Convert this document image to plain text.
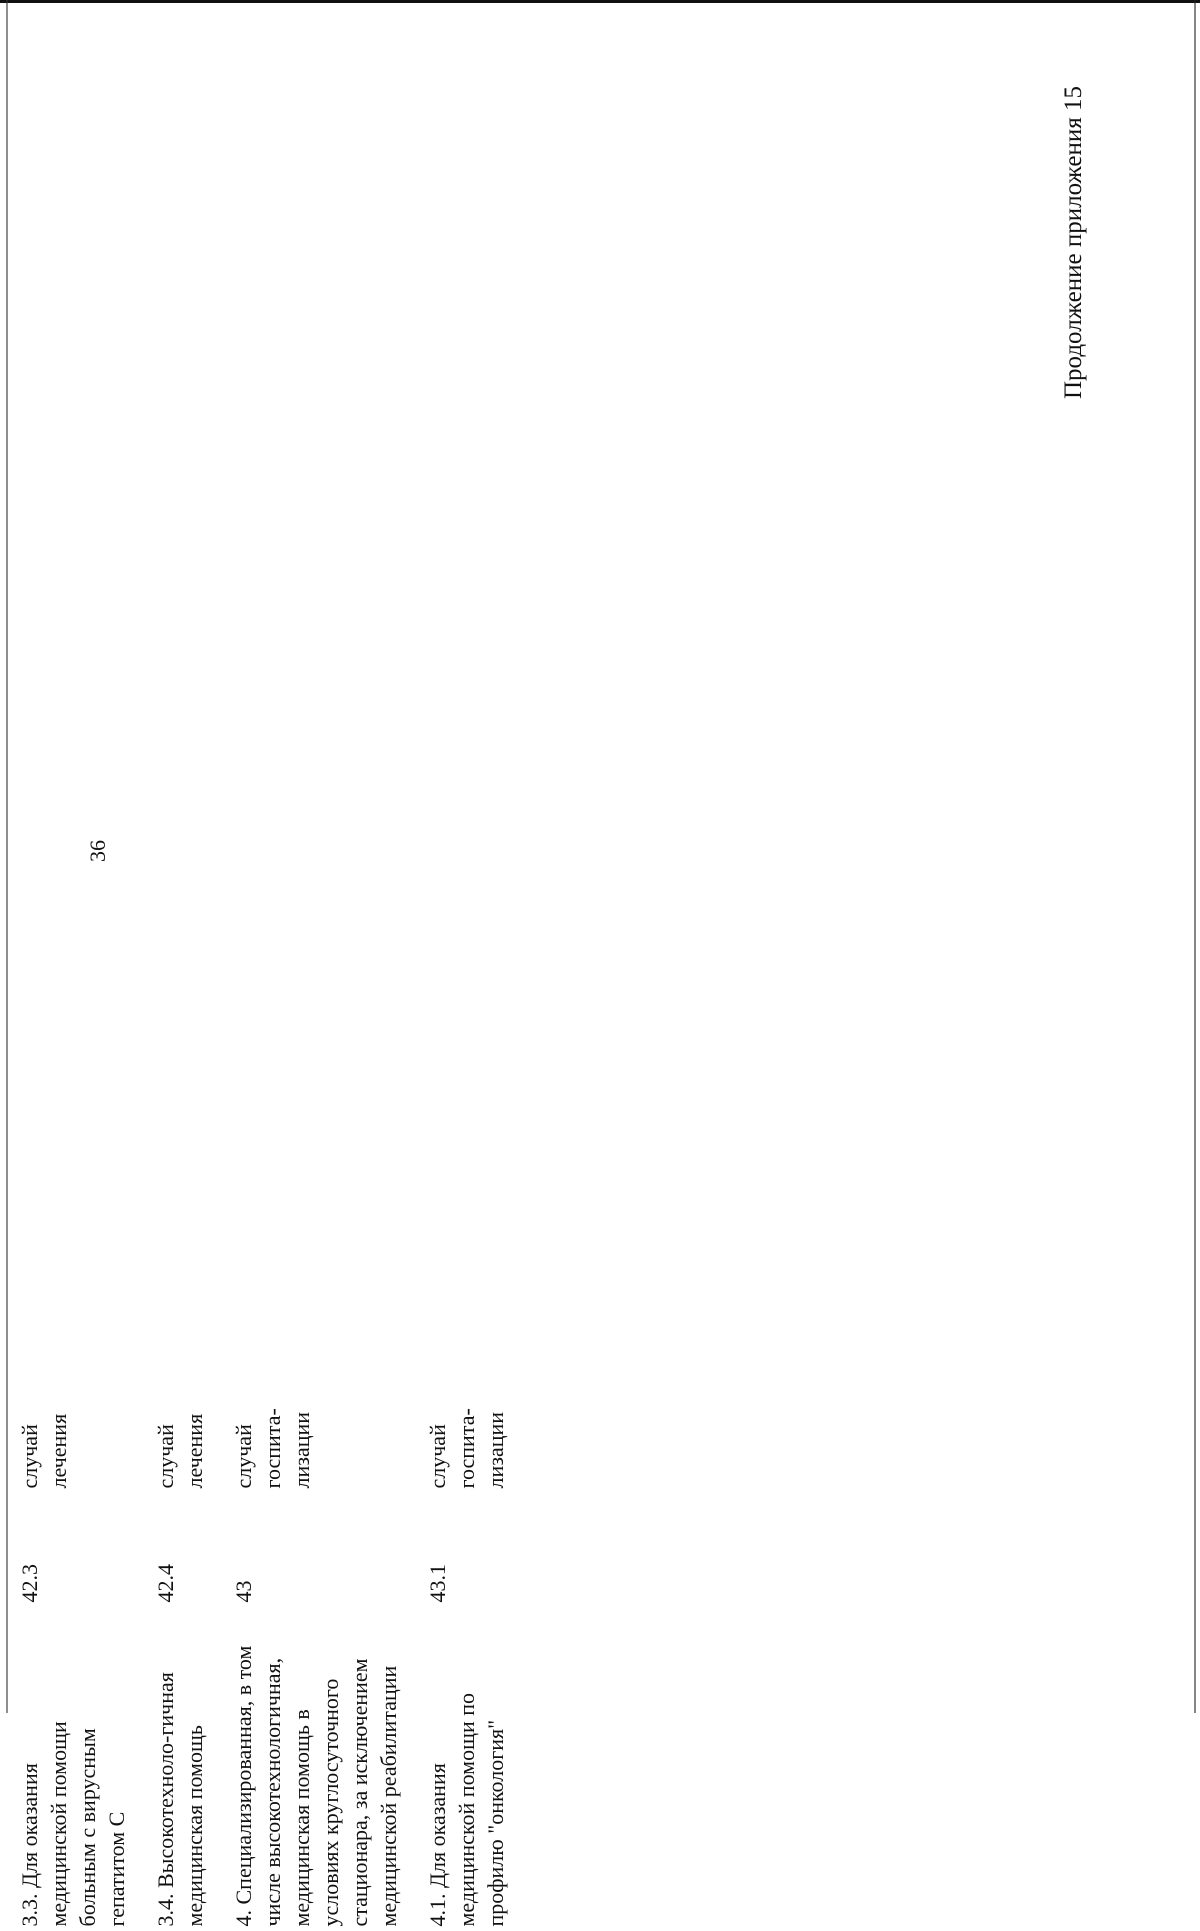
36
Продолжение приложения 15

3.3. Для оказания медицинской помощи больным с вирусным гепатитом C	42.3	случай лечения							

3.4. Высокотехноло-гичная медицинская помощь	42.4	случай лечения							

4. Специализированная, в том числе высокотехнологичная, медицинская помощь в условиях круглосуточного стационара, за исключением медицинской реабилитации	43	случай госпита-лизации							

4.1. Для оказания медицинской помощи по профилю "онкология"	43.1	случай госпита-лизации							
